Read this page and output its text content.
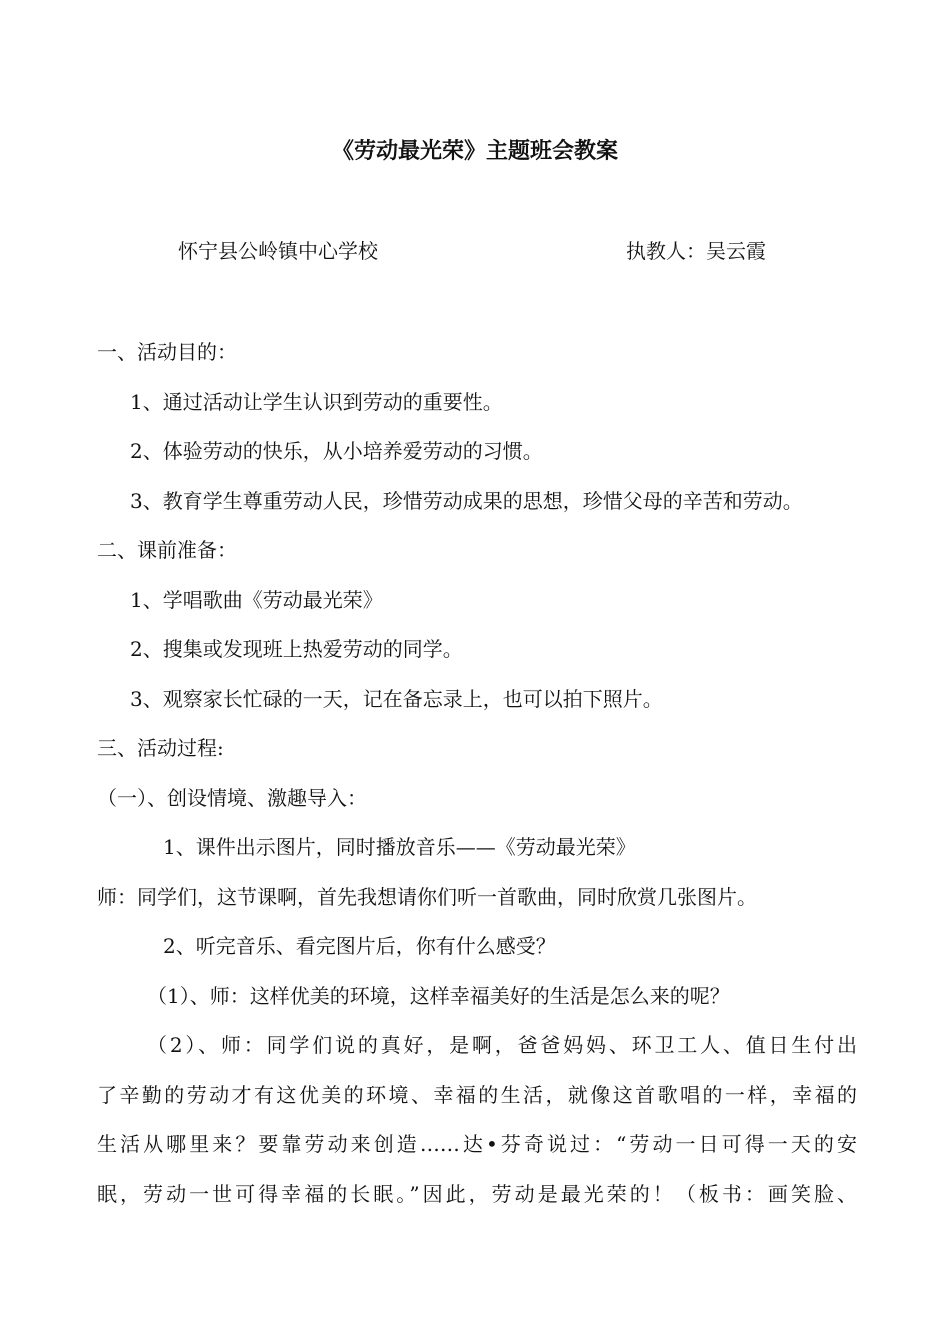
《劳动最光荣》主题班会教案
怀宁县公岭镇中心学校	执教人：吴云霞
一、活动目的：
1、通过活动让学生认识到劳动的重要性。
2、体验劳动的快乐，从小培养爱劳动的习惯。
3、教育学生尊重劳动人民，珍惜劳动成果的思想，珍惜父母的辛苦和劳动。
二、课前准备：
1、学唱歌曲《劳动最光荣》
2、搜集或发现班上热爱劳动的同学。
3、观察家长忙碌的一天，记在备忘录上，也可以拍下照片。
三、活动过程:
（一）、创设情境、激趣导入：
1、课件出示图片，同时播放音乐——《劳动最光荣》
师：同学们，这节课啊，首先我想请你们听一首歌曲，同时欣赏几张图片。
2、听完音乐、看完图片后，你有什么感受？
（1）、师：这样优美的环境，这样幸福美好的生活是怎么来的呢？
（2）、师：同学们说的真好，是啊，爸爸妈妈、环卫工人、值日生付出
了辛勤的劳动才有这优美的环境、幸福的生活，就像这首歌唱的一样，幸福的
生活从哪里来？要靠劳动来创造……达•芬奇说过：“劳动一日可得一天的安
眠，劳动一世可得幸福的长眠。”因此，劳动是最光荣的！（板书：画笑脸、
